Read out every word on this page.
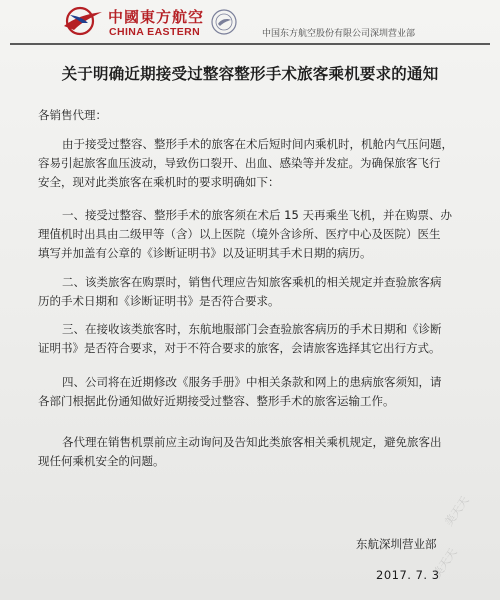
中國東方航空
CHINA EASTERN	中国东方航空股份有限公司深圳营业部
关于明确近期接受过整容整形手术旅客乘机要求的通知
各销售代理：
由于接受过整容、整形手术的旅客在术后短时间内乘机时，机舱内气压问题，
容易引起旅客血压波动，导致伤口裂开、出血、感染等并发症。为确保旅客飞行
安全，现对此类旅客在乘机时的要求明确如下：
一、接受过整容、整形手术的旅客须在术后 15 天再乘坐飞机，并在购票、办
理值机时出具由二级甲等（含）以上医院（境外含诊所、医疗中心及医院）医生
填写并加盖有公章的《诊断证明书》以及证明其手术日期的病历。
二、该类旅客在购票时，销售代理应告知旅客乘机的相关规定并查验旅客病
历的手术日期和《诊断证明书》是否符合要求。
三、在接收该类旅客时，东航地服部门会查验旅客病历的手术日期和《诊断
证明书》是否符合要求，对于不符合要求的旅客，会请旅客选择其它出行方式。
四、公司将在近期修改《服务手册》中相关条款和网上的患病旅客须知，请
各部门根据此份通知做好近期接受过整容、整形手术的旅客运输工作。
各代理在销售机票前应主动询问及告知此类旅客相关乘机规定，避免旅客出
现任何乘机安全的问题。
东航深圳营业部
2017. 7. 3
美天天
美天天
